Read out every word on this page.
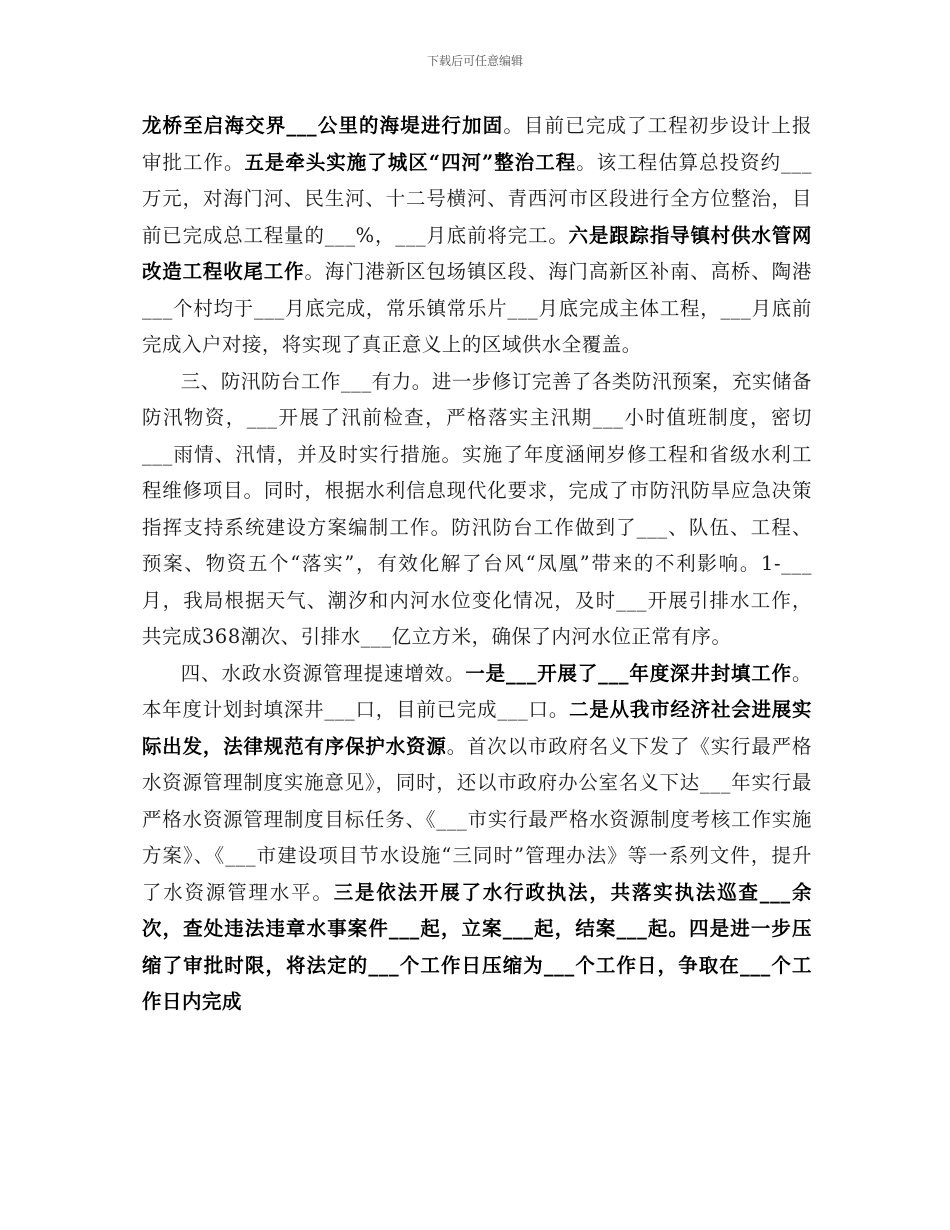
下载后可任意编辑

龙桥至启海交界___公里的海堤进行加固。目前已完成了工程初步设计上报审批工作。五是牵头实施了城区“四河”整治工程。该工程估算总投资约___万元，对海门河、民生河、十二号横河、青西河市区段进行全方位整治，目前已完成总工程量的___%，___月底前将完工。六是跟踪指导镇村供水管网改造工程收尾工作。海门港新区包场镇区段、海门高新区补南、高桥、陶港___个村均于___月底完成，常乐镇常乐片___月底完成主体工程，___月底前完成入户对接，将实现了真正意义上的区域供水全覆盖。

三、防汛防台工作___有力。进一步修订完善了各类防汛预案，充实储备防汛物资，___开展了汛前检查，严格落实主汛期___小时值班制度，密切___雨情、汛情，并及时实行措施。实施了年度涵闸岁修工程和省级水利工程维修项目。同时，根据水利信息现代化要求，完成了市防汛防旱应急决策指挥支持系统建设方案编制工作。防汛防台工作做到了___、队伍、工程、预案、物资五个“落实”，有效化解了台风“凤凰”带来的不利影响。1-___月，我局根据天气、潮汐和内河水位变化情况，及时___开展引排水工作，共完成368潮次、引排水___亿立方米，确保了内河水位正常有序。

四、水政水资源管理提速增效。一是___开展了___年度深井封填工作。本年度计划封填深井___口，目前已完成___口。二是从我市经济社会进展实际出发，法律规范有序保护水资源。首次以市政府名义下发了《实行最严格水资源管理制度实施意见》，同时，还以市政府办公室名义下达___年实行最严格水资源管理制度目标任务、《___市实行最严格水资源制度考核工作实施方案》、《___市建设项目节水设施“三同时”管理办法》等一系列文件，提升了水资源管理水平。三是依法开展了水行政执法，共落实执法巡查___余次，查处违法违章水事案件___起，立案___起，结案___起。四是进一步压缩了审批时限，将法定的___个工作日压缩为___个工作日，争取在___个工作日内完成
